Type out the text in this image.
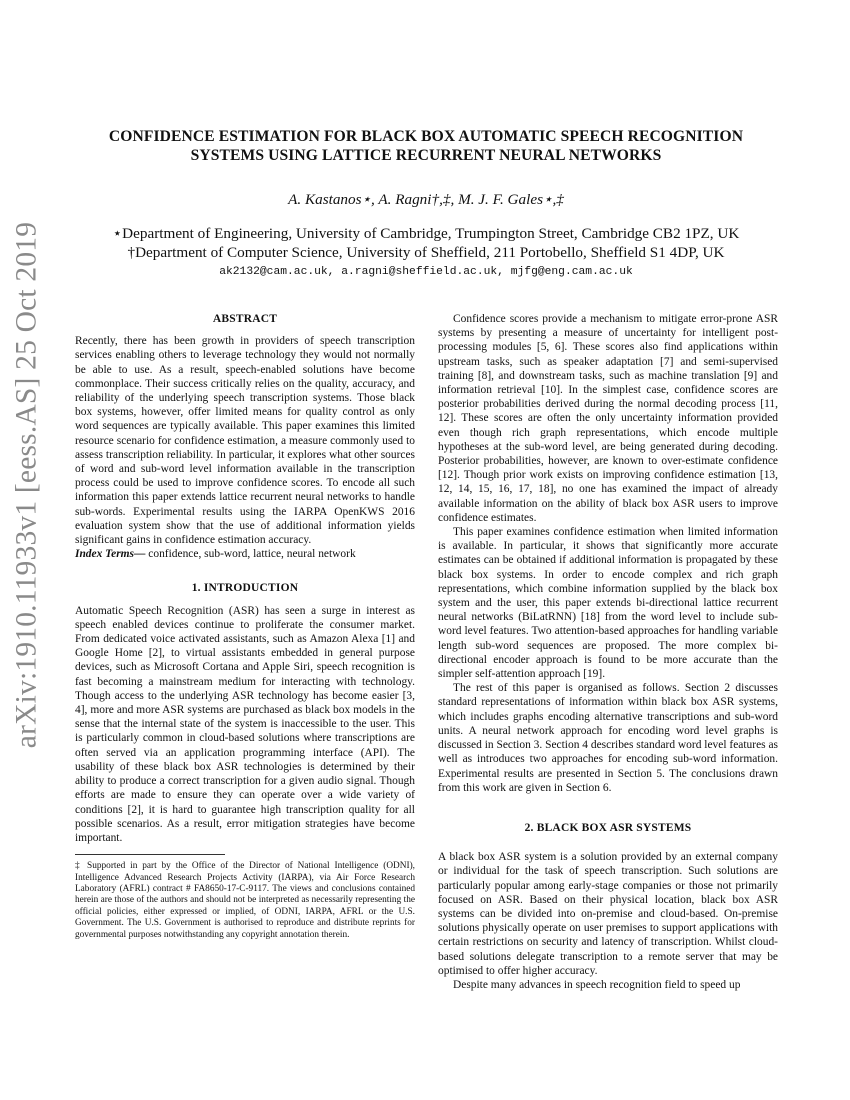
arXiv:1910.11933v1 [eess.AS] 25 Oct 2019
CONFIDENCE ESTIMATION FOR BLACK BOX AUTOMATIC SPEECH RECOGNITION
SYSTEMS USING LATTICE RECURRENT NEURAL NETWORKS
A. Kastanos⋆, A. Ragni†,‡, M. J. F. Gales⋆,‡
⋆Department of Engineering, University of Cambridge, Trumpington Street, Cambridge CB2 1PZ, UK
†Department of Computer Science, University of Sheffield, 211 Portobello, Sheffield S1 4DP, UK
ak2132@cam.ac.uk, a.ragni@sheffield.ac.uk, mjfg@eng.cam.ac.uk
ABSTRACT

Recently, there has been growth in providers of speech transcription services enabling others to leverage technology they would not normally be able to use. As a result, speech-enabled solutions have become commonplace. Their success critically relies on the quality, accuracy, and reliability of the underlying speech transcription systems. Those black box systems, however, offer limited means for quality control as only word sequences are typically available. This paper examines this limited resource scenario for confidence estimation, a measure commonly used to assess transcription reliability. In particular, it explores what other sources of word and sub-word level information available in the transcription process could be used to improve confidence scores. To encode all such information this paper extends lattice recurrent neural networks to handle sub-words. Experimental results using the IARPA OpenKWS 2016 evaluation system show that the use of additional information yields significant gains in confidence estimation accuracy.

Index Terms— confidence, sub-word, lattice, neural network

1. INTRODUCTION

Automatic Speech Recognition (ASR) has seen a surge in interest as speech enabled devices continue to proliferate the consumer market. From dedicated voice activated assistants, such as Amazon Alexa [1] and Google Home [2], to virtual assistants embedded in general purpose devices, such as Microsoft Cortana and Apple Siri, speech recognition is fast becoming a mainstream medium for interacting with technology. Though access to the underlying ASR technology has become easier [3, 4], more and more ASR systems are purchased as black box models in the sense that the internal state of the system is inaccessible to the user. This is particularly common in cloud-based solutions where transcriptions are often served via an application programming interface (API). The usability of these black box ASR technologies is determined by their ability to produce a correct transcription for a given audio signal. Though efforts are made to ensure they can operate over a wide variety of conditions [2], it is hard to guarantee high transcription quality for all possible scenarios. As a result, error mitigation strategies have become important.

‡ Supported in part by the Office of the Director of National Intelligence (ODNI), Intelligence Advanced Research Projects Activity (IARPA), via Air Force Research Laboratory (AFRL) contract # FA8650-17-C-9117. The views and conclusions contained herein are those of the authors and should not be interpreted as necessarily representing the official policies, either expressed or implied, of ODNI, IARPA, AFRL or the U.S. Government. The U.S. Government is authorised to reproduce and distribute reprints for governmental purposes notwithstanding any copyright annotation therein.

Confidence scores provide a mechanism to mitigate error-prone ASR systems by presenting a measure of uncertainty for intelligent post-processing modules [5, 6]. These scores also find applications within upstream tasks, such as speaker adaptation [7] and semi-supervised training [8], and downstream tasks, such as machine translation [9] and information retrieval [10]. In the simplest case, confidence scores are posterior probabilities derived during the normal decoding process [11, 12]. These scores are often the only uncertainty information provided even though rich graph representations, which encode multiple hypotheses at the sub-word level, are being generated during decoding. Posterior probabilities, however, are known to over-estimate confidence [12]. Though prior work exists on improving confidence estimation [13, 12, 14, 15, 16, 17, 18], no one has examined the impact of already available information on the ability of black box ASR users to improve confidence estimates.

This paper examines confidence estimation when limited information is available. In particular, it shows that significantly more accurate estimates can be obtained if additional information is propagated by these black box systems. In order to encode complex and rich graph representations, which combine information supplied by the black box system and the user, this paper extends bi-directional lattice recurrent neural networks (BiLatRNN) [18] from the word level to include sub-word level features. Two attention-based approaches for handling variable length sub-word sequences are proposed. The more complex bi-directional encoder approach is found to be more accurate than the simpler self-attention approach [19].

The rest of this paper is organised as follows. Section 2 discusses standard representations of information within black box ASR systems, which includes graphs encoding alternative transcriptions and sub-word units. A neural network approach for encoding word level graphs is discussed in Section 3. Section 4 describes standard word level features as well as introduces two approaches for encoding sub-word information. Experimental results are presented in Section 5. The conclusions drawn from this work are given in Section 6.

2. BLACK BOX ASR SYSTEMS

A black box ASR system is a solution provided by an external company or individual for the task of speech transcription. Such solutions are particularly popular among early-stage companies or those not primarily focused on ASR. Based on their physical location, black box ASR systems can be divided into on-premise and cloud-based. On-premise solutions physically operate on user premises to support applications with certain restrictions on security and latency of transcription. Whilst cloud-based solutions delegate transcription to a remote server that may be optimised to offer higher accuracy.

Despite many advances in speech recognition field to speed up
